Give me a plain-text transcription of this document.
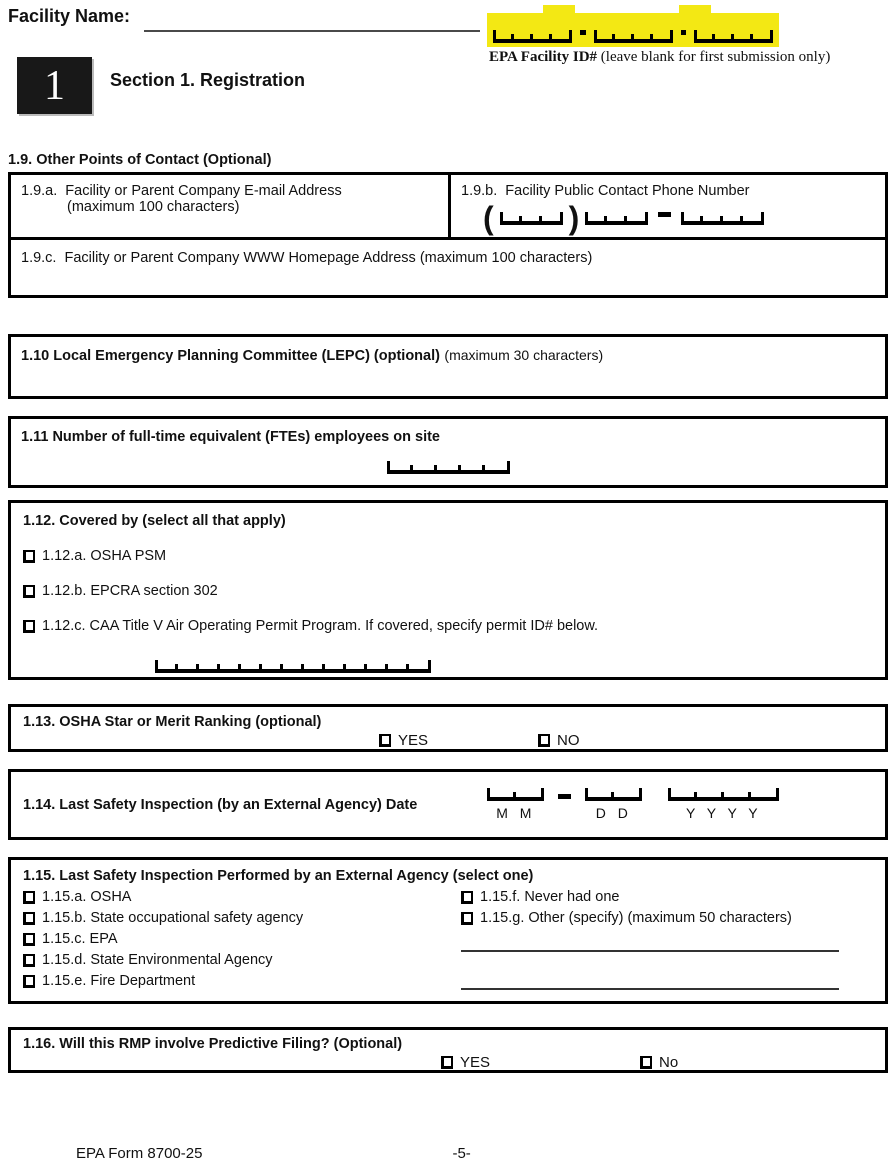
Facility Name:
EPA Facility ID# (leave blank for first submission only)
1	Section 1. Registration
1.9. Other Points of Contact (Optional)
1.9.a. Facility or Parent Company E-mail Address
(maximum 100 characters)
1.9.b. Facility Public Contact Phone Number
( )
1.9.c. Facility or Parent Company WWW Homepage Address (maximum 100 characters)
1.10 Local Emergency Planning Committee (LEPC) (optional) (maximum 30 characters)
1.11 Number of full-time equivalent (FTEs) employees on site
1.12. Covered by (select all that apply)
1.12.a. OSHA PSM
1.12.b. EPCRA section 302
1.12.c. CAA Title V Air Operating Permit Program. If covered, specify permit ID# below.
1.13. OSHA Star or Merit Ranking (optional)
YES	NO
1.14. Last Safety Inspection (by an External Agency) Date
M M	D D	Y Y Y Y
1.15. Last Safety Inspection Performed by an External Agency (select one)
1.15.a. OSHA
1.15.b. State occupational safety agency
1.15.c. EPA
1.15.d. State Environmental Agency
1.15.e. Fire Department
1.15.f. Never had one
1.15.g. Other (specify) (maximum 50 characters)
1.16. Will this RMP involve Predictive Filing? (Optional)
YES	No
EPA Form 8700-25	-5-
